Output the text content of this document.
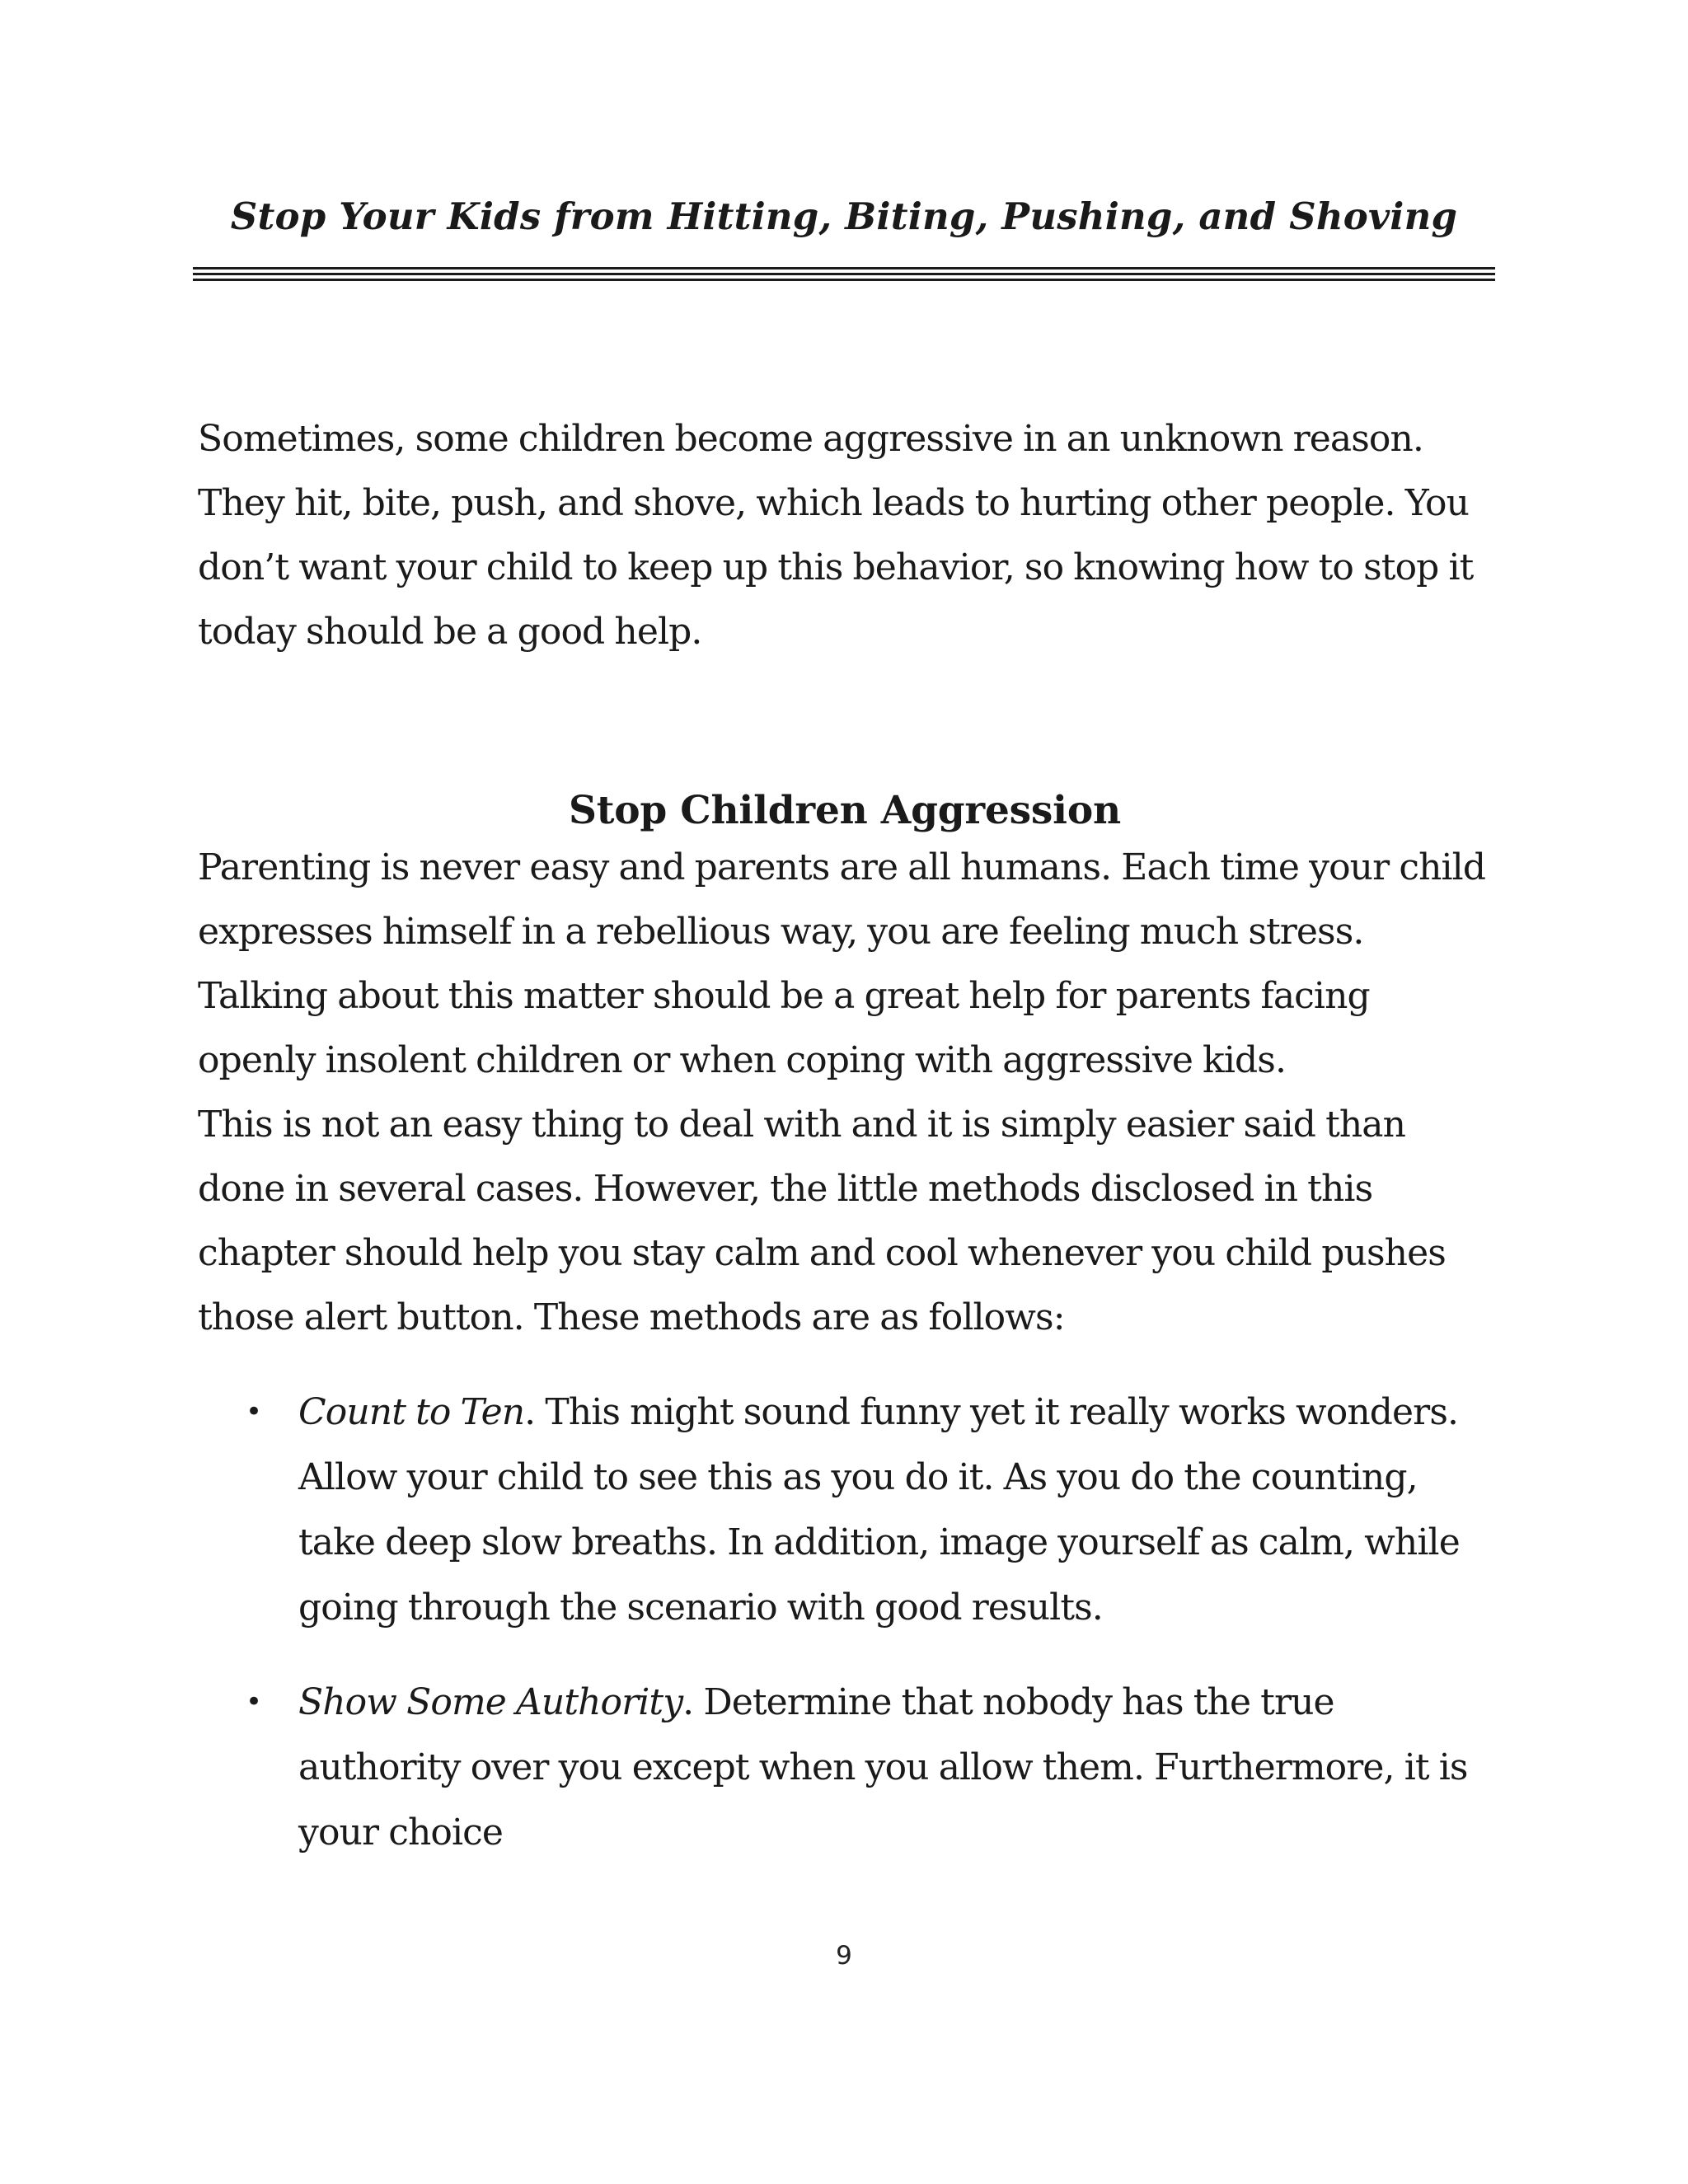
Stop Your Kids from Hitting, Biting, Pushing, and Shoving

Sometimes, some children become aggressive in an unknown reason. They hit, bite, push, and shove, which leads to hurting other people. You don’t want your child to keep up this behavior, so knowing how to stop it today should be a good help.

Stop Children Aggression

Parenting is never easy and parents are all humans. Each time your child expresses himself in a rebellious way, you are feeling much stress. Talking about this matter should be a great help for parents facing openly insolent children or when coping with aggressive kids.

This is not an easy thing to deal with and it is simply easier said than done in several cases. However, the little methods disclosed in this chapter should help you stay calm and cool whenever you child pushes those alert button. These methods are as follows:

• Count to Ten. This might sound funny yet it really works wonders. Allow your child to see this as you do it. As you do the counting, take deep slow breaths. In addition, image yourself as calm, while going through the scenario with good results.
• Show Some Authority. Determine that nobody has the true authority over you except when you allow them. Furthermore, it is your choice
9
